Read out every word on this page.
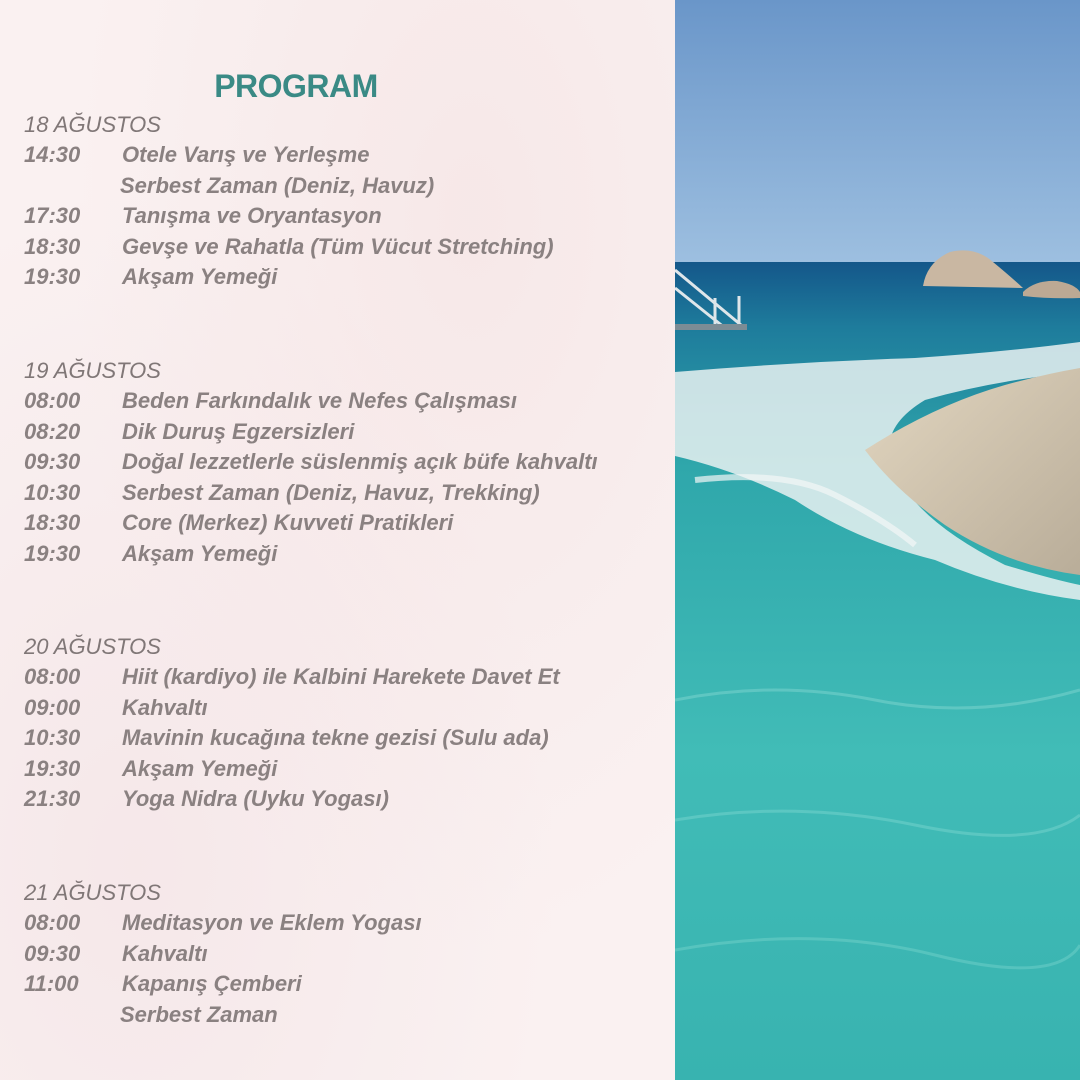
PROGRAM
18 AĞUSTOS
14:30	Otele Varış ve Yerleşme
Serbest Zaman (Deniz, Havuz)
17:30	Tanışma ve Oryantasyon
18:30	Gevşe ve Rahatla (Tüm Vücut Stretching)
19:30	Akşam Yemeği
19 AĞUSTOS
08:00	Beden Farkındalık ve Nefes Çalışması
08:20	Dik Duruş Egzersizleri
09:30	Doğal lezzetlerle süslenmiş açık büfe kahvaltı
10:30	Serbest Zaman (Deniz, Havuz, Trekking)
18:30	Core (Merkez) Kuvveti Pratikleri
19:30	Akşam Yemeği
20 AĞUSTOS
08:00	Hiit (kardiyo) ile Kalbini Harekete Davet Et
09:00	Kahvaltı
10:30	Mavinin kucağına tekne gezisi (Sulu ada)
19:30	Akşam Yemeği
21:30	Yoga Nidra (Uyku Yogası)
21 AĞUSTOS
08:00	Meditasyon ve Eklem Yogası
09:30	Kahvaltı
11:00	Kapanış Çemberi
Serbest Zaman
